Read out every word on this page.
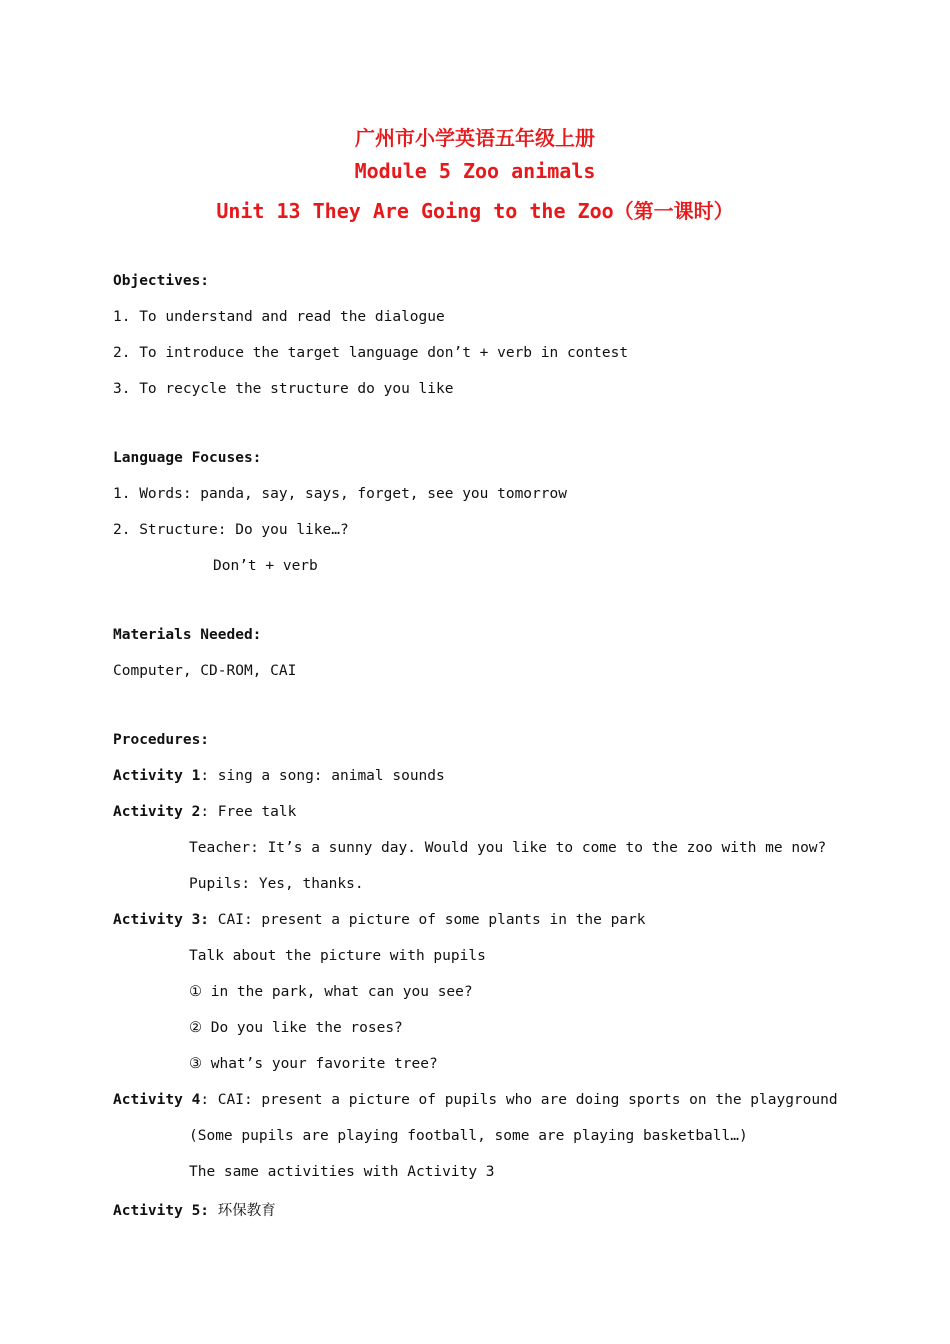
广州市小学英语五年级上册
Module 5 Zoo animals
Unit 13 They Are Going to the Zoo（第一课时）
Objectives:
1. To understand and read the dialogue
2. To introduce the target language don’t + verb in contest
3. To recycle the structure do you like
Language Focuses:
1. Words: panda, say, says, forget, see you tomorrow
2. Structure: Do you like…?
Don’t + verb
Materials Needed:
Computer, CD-ROM, CAI
Procedures:
Activity 1: sing a song: animal sounds
Activity 2: Free talk
Teacher: It’s a sunny day. Would you like to come to the zoo with me now?
Pupils: Yes, thanks.
Activity 3: CAI: present a picture of some plants in the park
Talk about the picture with pupils
① in the park, what can you see?
② Do you like the roses?
③ what’s your favorite tree?
Activity 4: CAI: present a picture of pupils who are doing sports on the playground
(Some pupils are playing football, some are playing basketball…)
The same activities with Activity 3
Activity 5: 环保教育
